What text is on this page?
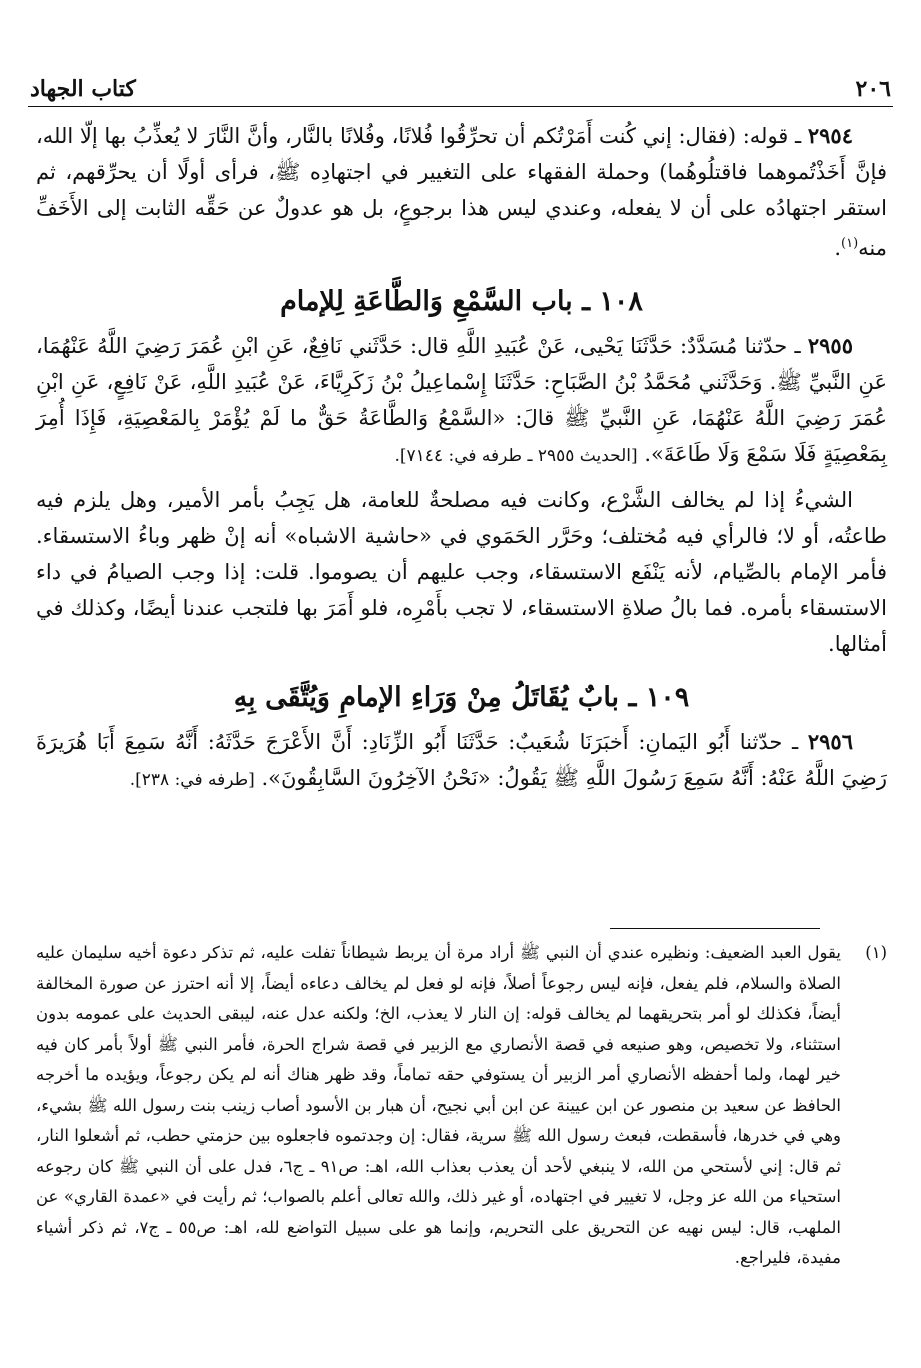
٢٠٦
كتاب الجهاد

٢٩٥٤ ـ قوله: (فقال: إني كُنت أَمَرْتُكم أن تحرِّقُوا فُلانًا، وفُلانًا بالنَّار، وأنَّ النَّارَ لا يُعذِّبُ بها إلّا الله، فإنَّ أَخَذْتُموهما فاقتلُوهُما) وحملة الفقهاء على التغيير في اجتهادِه ﷺ، فرأى أولًا أن يحرِّقهم، ثم استقر اجتهادُه على أن لا يفعله، وعندي ليس هذا برجوعٍ، بل هو عدولٌ عن حَقِّه الثابت إلى الأَخَفِّ منه$^{(١)}$.

١٠٨ ـ باب السَّمْعِ وَالطَّاعَةِ لِلإمام

٢٩٥٥ ـ حدّثنا مُسَدَّدٌ: حَدَّثَنَا يَحْيى، عَنْ عُبَيدِ اللَّهِ قال: حَدَّثَني نَافِعٌ، عَنِ ابْنِ عُمَرَ رَضِيَ اللَّهُ عَنْهُمَا، عَنِ النَّبيِّ ﷺ. وَحَدَّثَني مُحَمَّدُ بْنُ الصَّبَاحِ: حَدَّثَنَا إِسْماعِيلُ بْنُ زَكَرِيَّاءَ، عَنْ عُبَيدِ اللَّهِ، عَنْ نَافِعٍ، عَنِ ابْنِ عُمَرَ رَضِيَ اللَّهُ عَنْهُمَا، عَنِ النَّبيِّ ﷺ قالَ: «السَّمْعُ وَالطَّاعَةُ حَقٌّ ما لَمْ يُؤْمَرْ بِالمَعْصِيَةِ، فَإِذَا أُمِرَ بِمَعْصِيَةٍ فَلَا سَمْعَ وَلَا طَاعَةَ». [الحديث ٢٩٥٥ ـ طرفه في: ٧١٤٤].

الشيءُ إذا لم يخالف الشَّرْع، وكانت فيه مصلحةٌ للعامة، هل يَجِبُ بأمر الأمير، وهل يلزم فيه طاعتُه، أو لا؛ فالرأي فيه مُختلف؛ وحَرَّر الحَمَوي في «حاشية الاشباه» أنه إنْ ظهر وباءُ الاستسقاء. فأمر الإمام بالصِّيام، لأنه يَنْفَع الاستسقاء، وجب عليهم أن يصوموا. قلت: إذا وجب الصيامُ في داء الاستسقاء بأمره. فما بالُ صلاةِ الاستسقاء، لا تجب بأَمْرِه، فلو أَمَرَ بها فلتجب عندنا أيضًا، وكذلك في أمثالها.

١٠٩ ـ بابٌ يُقَاتَلُ مِنْ وَرَاءِ الإمامِ وَيُتَّقَى بِهِ

٢٩٥٦ ـ حدّثنا أَبُو اليَمانِ: أَخبَرَنَا شُعَيبٌ: حَدَّثَنَا أَبُو الزِّنَادِ: أَنَّ الأَعْرَجَ حَدَّثَهُ: أَنَّهُ سَمِعَ أَبَا هُرَيرَةَ رَضِيَ اللَّهُ عَنْهُ: أَنَّهُ سَمِعَ رَسُولَ اللَّهِ ﷺ يَقُولُ: «نَحْنُ الآخِرُونَ السَّابِقُونَ». [طرفه في: ٢٣٨].

(١)
يقول العبد الضعيف: ونظيره عندي أن النبي ﷺ أراد مرة أن يربط شيطاناً تفلت عليه، ثم تذكر دعوة أخيه سليمان عليه الصلاة والسلام، فلم يفعل، فإنه ليس رجوعاً أصلاً، فإنه لو فعل لم يخالف دعاءه أيضاً، إلا أنه احترز عن صورة المخالفة أيضاً، فكذلك لو أمر بتحريقهما لم يخالف قوله: إن النار لا يعذب، الخ؛ ولكنه عدل عنه، ليبقى الحديث على عمومه بدون استثناء، ولا تخصيص، وهو صنيعه في قصة الأنصاري مع الزبير في قصة شراج الحرة، فأمر النبي ﷺ أولاً بأمر كان فيه خير لهما، ولما أحفظه الأنصاري أمر الزبير أن يستوفي حقه تماماً، وقد ظهر هناك أنه لم يكن رجوعاً، ويؤيده ما أخرجه الحافظ عن سعيد بن منصور عن ابن عيينة عن ابن أبي نجيح، أن هبار بن الأسود أصاب زينب بنت رسول الله ﷺ بشيء، وهي في خدرها، فأسقطت، فبعث رسول الله ﷺ سرية، فقال: إن وجدتموه فاجعلوه بين حزمتي حطب، ثم أشعلوا النار، ثم قال: إني لأستحي من الله، لا ينبغي لأحد أن يعذب بعذاب الله، اهـ: ص٩١ ـ ج٦، فدل على أن النبي ﷺ كان رجوعه استحياء من الله عز وجل، لا تغيير في اجتهاده، أو غير ذلك، والله تعالى أعلم بالصواب؛ ثم رأيت في «عمدة القاري» عن الملهب، قال: ليس نهيه عن التحريق على التحريم، وإنما هو على سبيل التواضع لله، اهـ: ص٥٥ ـ ج٧، ثم ذكر أشياء مفيدة، فليراجع.
